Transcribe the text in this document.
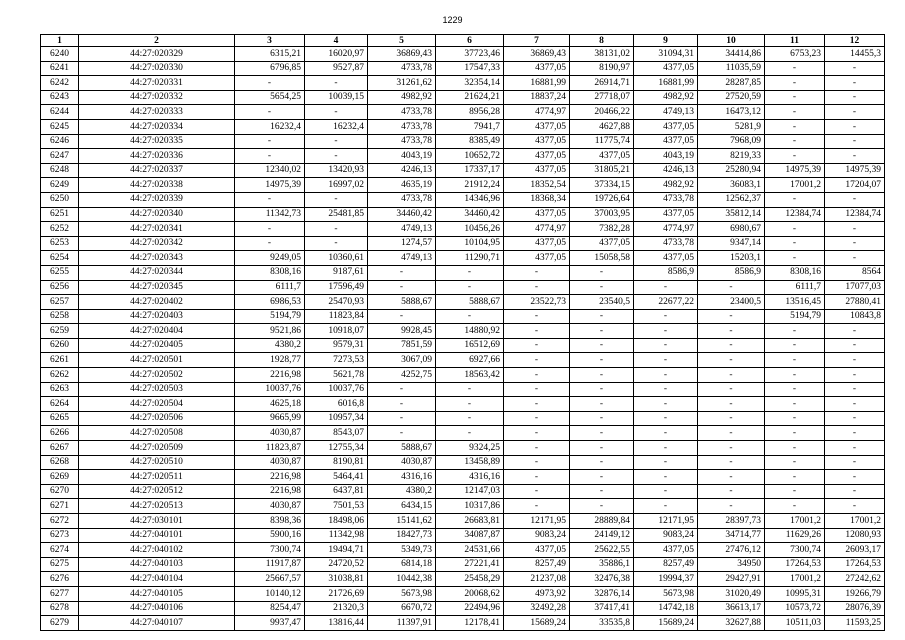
1229
1	2	3	4	5	6	7	8	9	10	11	12
6240	44:27:020329	6315,21	16020,97	36869,43	37723,46	36869,43	38131,02	31094,31	34414,86	6753,23	14455,3
6241	44:27:020330	6796,85	9527,87	4733,78	17547,33	4377,05	8190,97	4377,05	11035,59	-	-
6242	44:27:020331	-	-	31261,62	32354,14	16881,99	26914,71	16881,99	28287,85	-	-
6243	44:27:020332	5654,25	10039,15	4982,92	21624,21	18837,24	27718,07	4982,92	27520,59	-	-
6244	44:27:020333	-	-	4733,78	8956,28	4774,97	20466,22	4749,13	16473,12	-	-
6245	44:27:020334	16232,4	16232,4	4733,78	7941,7	4377,05	4627,88	4377,05	5281,9	-	-
6246	44:27:020335	-	-	4733,78	8385,49	4377,05	11775,74	4377,05	7968,09	-	-
6247	44:27:020336	-	-	4043,19	10652,72	4377,05	4377,05	4043,19	8219,33	-	-
6248	44:27:020337	12340,02	13420,93	4246,13	17337,17	4377,05	31805,21	4246,13	25280,94	14975,39	14975,39
6249	44:27:020338	14975,39	16997,02	4635,19	21912,24	18352,54	37334,15	4982,92	36083,1	17001,2	17204,07
6250	44:27:020339	-	-	4733,78	14346,96	18368,34	19726,64	4733,78	12562,37	-	-
6251	44:27:020340	11342,73	25481,85	34460,42	34460,42	4377,05	37003,95	4377,05	35812,14	12384,74	12384,74
6252	44:27:020341	-	-	4749,13	10456,26	4774,97	7382,28	4774,97	6980,67	-	-
6253	44:27:020342	-	-	1274,57	10104,95	4377,05	4377,05	4733,78	9347,14	-	-
6254	44:27:020343	9249,05	10360,61	4749,13	11290,71	4377,05	15058,58	4377,05	15203,1	-	-
6255	44:27:020344	8308,16	9187,61	-	-	-	-	8586,9	8586,9	8308,16	8564
6256	44:27:020345	6111,7	17596,49	-	-	-	-	-	-	6111,7	17077,03
6257	44:27:020402	6986,53	25470,93	5888,67	5888,67	23522,73	23540,5	22677,22	23400,5	13516,45	27880,41
6258	44:27:020403	5194,79	11823,84	-	-	-	-	-	-	5194,79	10843,8
6259	44:27:020404	9521,86	10918,07	9928,45	14880,92	-	-	-	-	-	-
6260	44:27:020405	4380,2	9579,31	7851,59	16512,69	-	-	-	-	-	-
6261	44:27:020501	1928,77	7273,53	3067,09	6927,66	-	-	-	-	-	-
6262	44:27:020502	2216,98	5621,78	4252,75	18563,42	-	-	-	-	-	-
6263	44:27:020503	10037,76	10037,76	-	-	-	-	-	-	-	-
6264	44:27:020504	4625,18	6016,8	-	-	-	-	-	-	-	-
6265	44:27:020506	9665,99	10957,34	-	-	-	-	-	-	-	-
6266	44:27:020508	4030,87	8543,07	-	-	-	-	-	-	-	-
6267	44:27:020509	11823,87	12755,34	5888,67	9324,25	-	-	-	-	-	-
6268	44:27:020510	4030,87	8190,81	4030,87	13458,89	-	-	-	-	-	-
6269	44:27:020511	2216,98	5464,41	4316,16	4316,16	-	-	-	-	-	-
6270	44:27:020512	2216,98	6437,81	4380,2	12147,03	-	-	-	-	-	-
6271	44:27:020513	4030,87	7501,53	6434,15	10317,86	-	-	-	-	-	-
6272	44:27:030101	8398,36	18498,06	15141,62	26683,81	12171,95	28889,84	12171,95	28397,73	17001,2	17001,2
6273	44:27:040101	5900,16	11342,98	18427,73	34087,87	9083,24	24149,12	9083,24	34714,77	11629,26	12080,93
6274	44:27:040102	7300,74	19494,71	5349,73	24531,66	4377,05	25622,55	4377,05	27476,12	7300,74	26093,17
6275	44:27:040103	11917,87	24720,52	6814,18	27221,41	8257,49	35886,1	8257,49	34950	17264,53	17264,53
6276	44:27:040104	25667,57	31038,81	10442,38	25458,29	21237,08	32476,38	19994,37	29427,91	17001,2	27242,62
6277	44:27:040105	10140,12	21726,69	5673,98	20068,62	4973,92	32876,14	5673,98	31020,49	10995,31	19266,79
6278	44:27:040106	8254,47	21320,3	6670,72	22494,96	32492,28	37417,41	14742,18	36613,17	10573,72	28076,39
6279	44:27:040107	9937,47	13816,44	11397,91	12178,41	15689,24	33535,8	15689,24	32627,88	10511,03	11593,25
